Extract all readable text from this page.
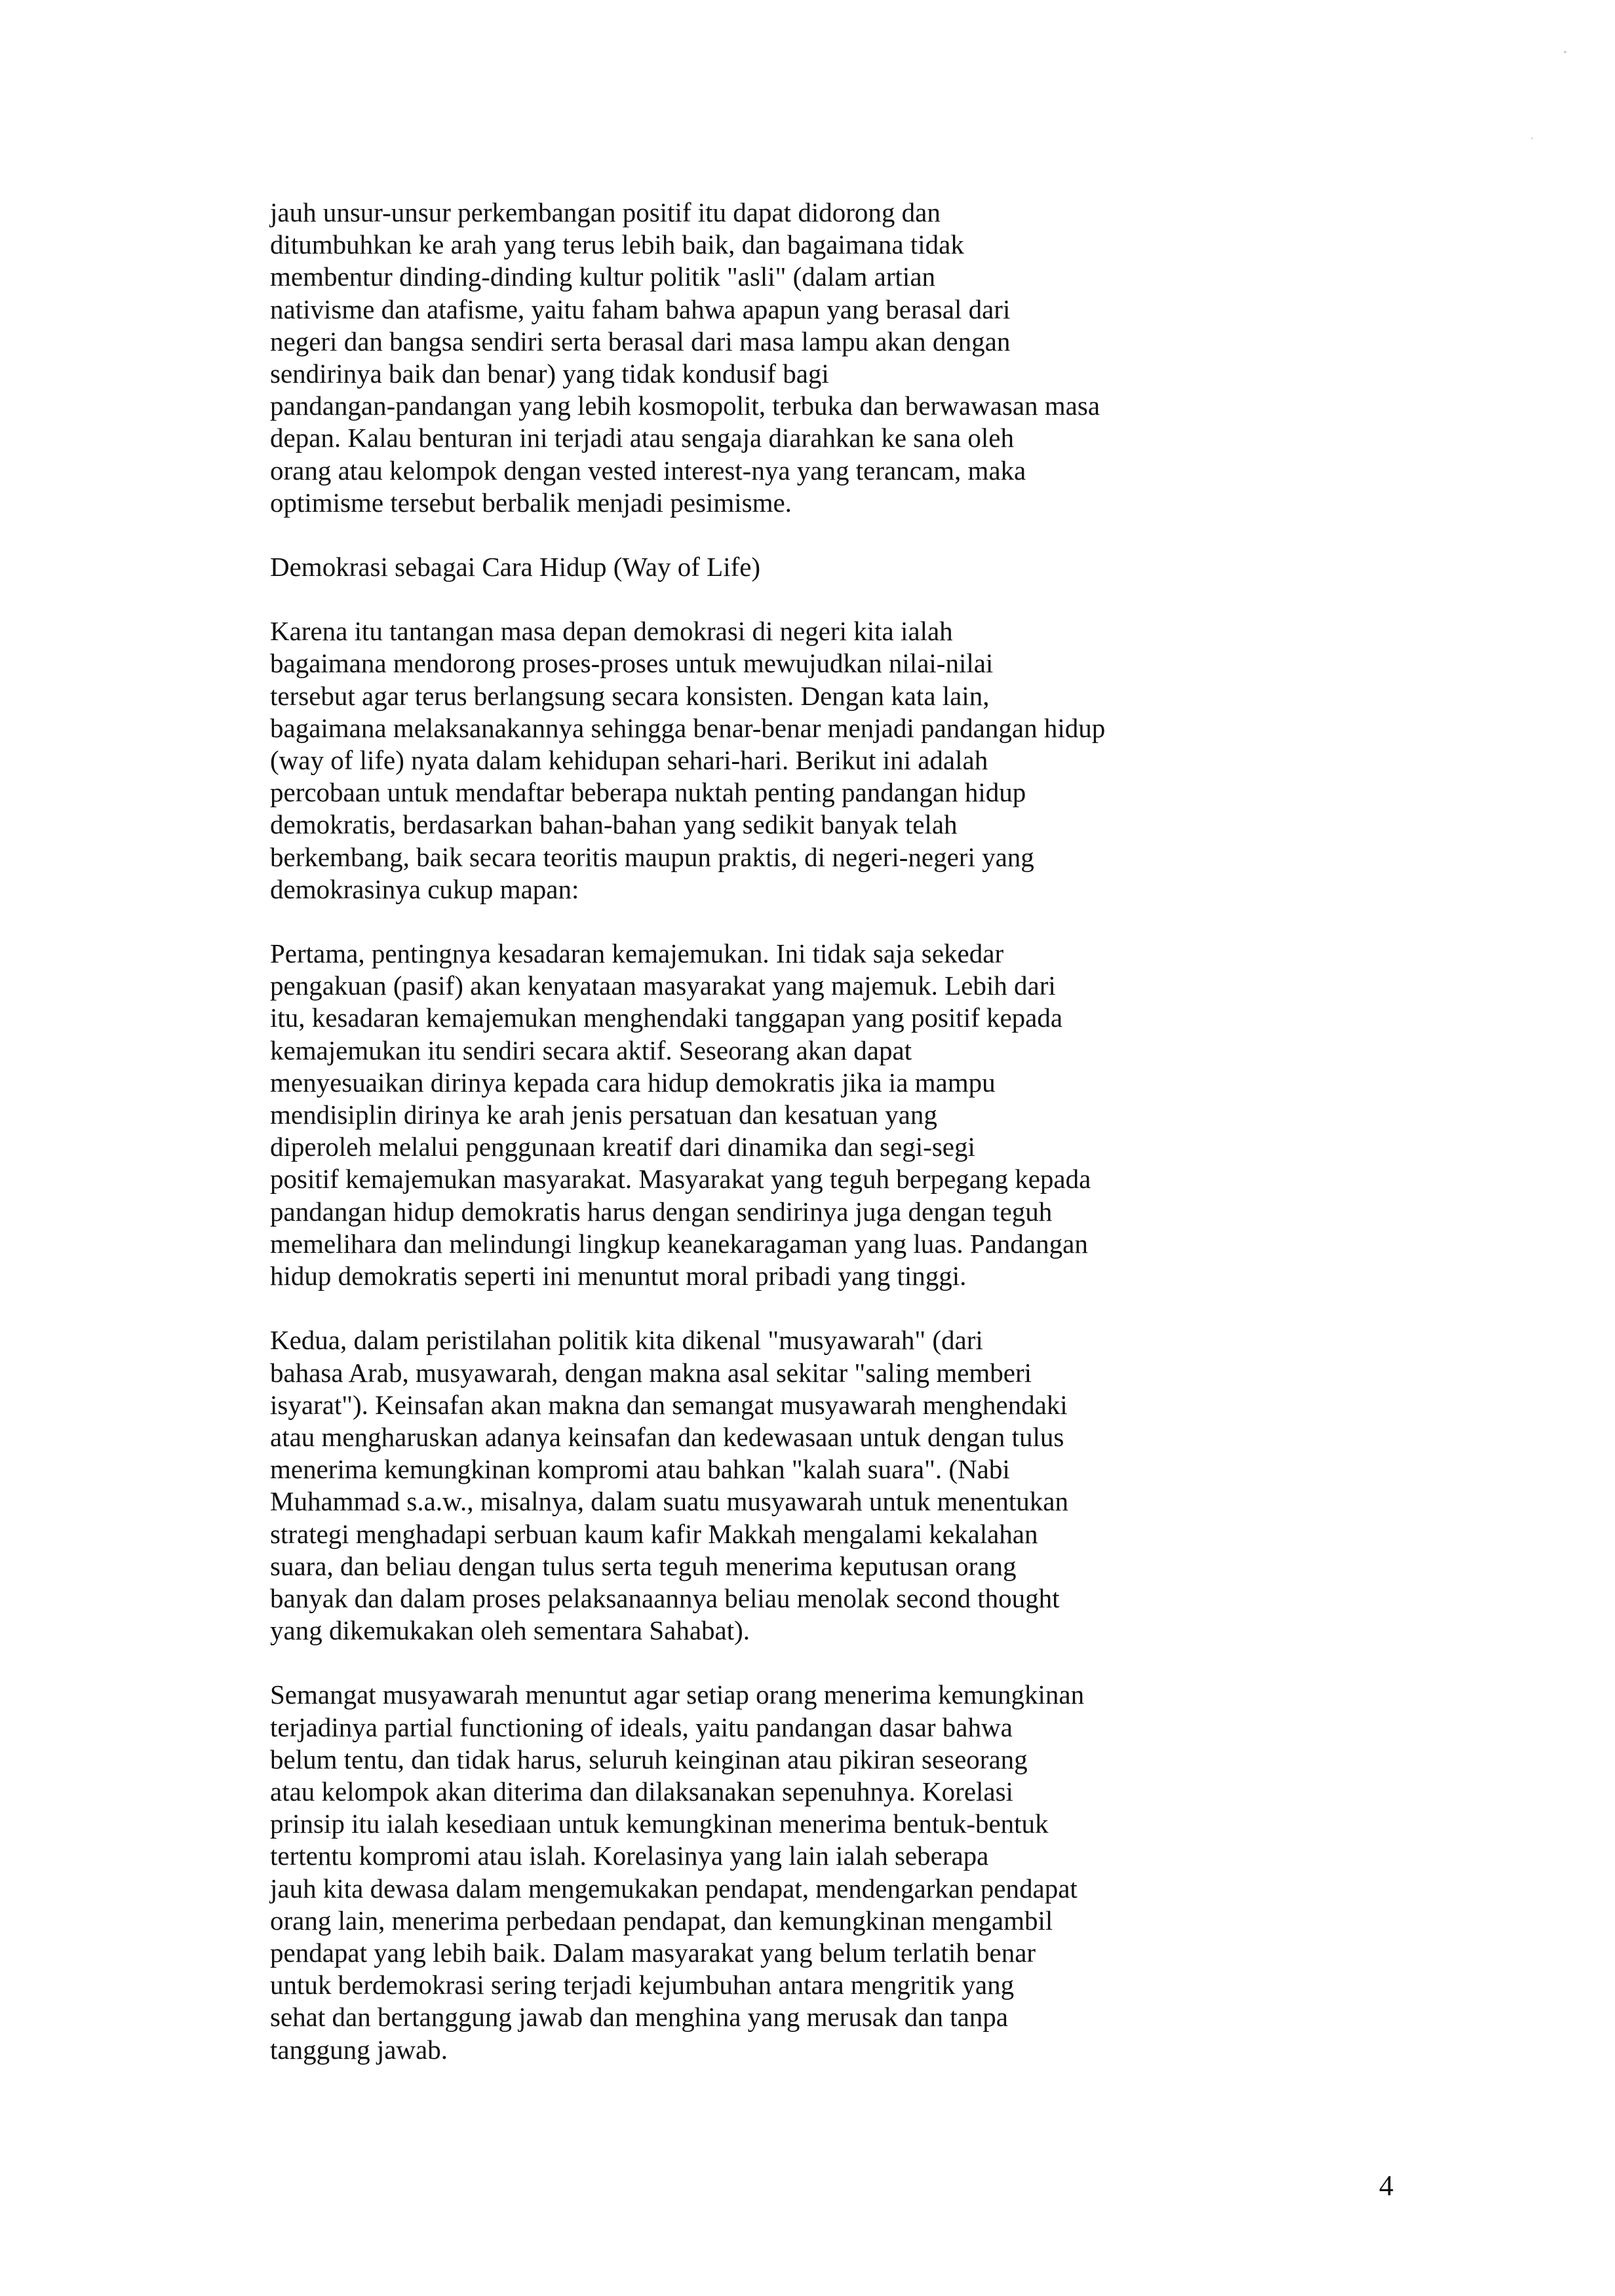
jauh unsur-unsur perkembangan positif itu dapat didorong dan
ditumbuhkan ke arah yang terus lebih baik, dan bagaimana tidak
membentur dinding-dinding kultur politik "asli" (dalam artian
nativisme dan atafisme, yaitu faham bahwa apapun yang berasal dari
negeri dan bangsa sendiri serta berasal dari masa lampu akan dengan
sendirinya baik dan benar) yang tidak kondusif bagi
pandangan-pandangan yang lebih kosmopolit, terbuka dan berwawasan masa
depan. Kalau benturan ini terjadi atau sengaja diarahkan ke sana oleh
orang atau kelompok dengan vested interest-nya yang terancam, maka
optimisme tersebut berbalik menjadi pesimisme.
Demokrasi sebagai Cara Hidup (Way of Life)
Karena itu tantangan masa depan demokrasi di negeri kita ialah
bagaimana mendorong proses-proses untuk mewujudkan nilai-nilai
tersebut agar terus berlangsung secara konsisten. Dengan kata lain,
bagaimana melaksanakannya sehingga benar-benar menjadi pandangan hidup
(way of life) nyata dalam kehidupan sehari-hari. Berikut ini adalah
percobaan untuk mendaftar beberapa nuktah penting pandangan hidup
demokratis, berdasarkan bahan-bahan yang sedikit banyak telah
berkembang, baik secara teoritis maupun praktis, di negeri-negeri yang
demokrasinya cukup mapan:
Pertama, pentingnya kesadaran kemajemukan. Ini tidak saja sekedar
pengakuan (pasif) akan kenyataan masyarakat yang majemuk. Lebih dari
itu, kesadaran kemajemukan menghendaki tanggapan yang positif kepada
kemajemukan itu sendiri secara aktif. Seseorang akan dapat
menyesuaikan dirinya kepada cara hidup demokratis jika ia mampu
mendisiplin dirinya ke arah jenis persatuan dan kesatuan yang
diperoleh melalui penggunaan kreatif dari dinamika dan segi-segi
positif kemajemukan masyarakat. Masyarakat yang teguh berpegang kepada
pandangan hidup demokratis harus dengan sendirinya juga dengan teguh
memelihara dan melindungi lingkup keanekaragaman yang luas. Pandangan
hidup demokratis seperti ini menuntut moral pribadi yang tinggi.
Kedua, dalam peristilahan politik kita dikenal "musyawarah" (dari
bahasa Arab, musyawarah, dengan makna asal sekitar "saling memberi
isyarat"). Keinsafan akan makna dan semangat musyawarah menghendaki
atau mengharuskan adanya keinsafan dan kedewasaan untuk dengan tulus
menerima kemungkinan kompromi atau bahkan "kalah suara". (Nabi
Muhammad s.a.w., misalnya, dalam suatu musyawarah untuk menentukan
strategi menghadapi serbuan kaum kafir Makkah mengalami kekalahan
suara, dan beliau dengan tulus serta teguh menerima keputusan orang
banyak dan dalam proses pelaksanaannya beliau menolak second thought
yang dikemukakan oleh sementara Sahabat).
Semangat musyawarah menuntut agar setiap orang menerima kemungkinan
terjadinya partial functioning of ideals, yaitu pandangan dasar bahwa
belum tentu, dan tidak harus, seluruh keinginan atau pikiran seseorang
atau kelompok akan diterima dan dilaksanakan sepenuhnya. Korelasi
prinsip itu ialah kesediaan untuk kemungkinan menerima bentuk-bentuk
tertentu kompromi atau islah. Korelasinya yang lain ialah seberapa
jauh kita dewasa dalam mengemukakan pendapat, mendengarkan pendapat
orang lain, menerima perbedaan pendapat, dan kemungkinan mengambil
pendapat yang lebih baik. Dalam masyarakat yang belum terlatih benar
untuk berdemokrasi sering terjadi kejumbuhan antara mengritik yang
sehat dan bertanggung jawab dan menghina yang merusak dan tanpa
tanggung jawab.
4
